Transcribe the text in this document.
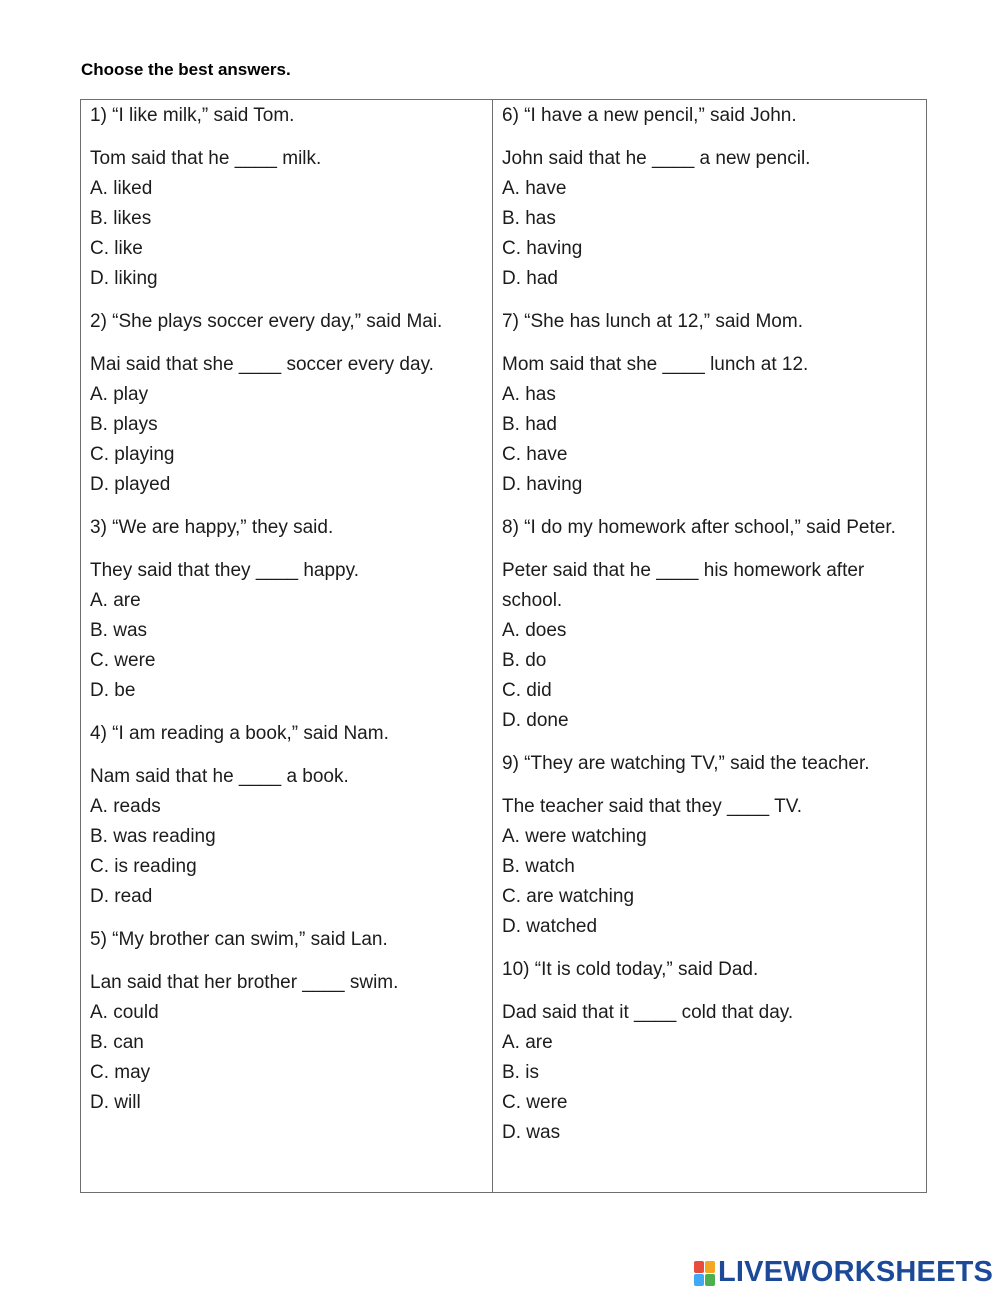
Choose the best answers.

1) “I like milk,” said Tom.

Tom said that he ____ milk.

A. liked

B. likes

C. like

D. liking

2) “She plays soccer every day,” said Mai.

Mai said that she ____ soccer every day.

A. play

B. plays

C. playing

D. played

3) “We are happy,” they said.

They said that they ____ happy.

A. are

B. was

C. were

D. be

4) “I am reading a book,” said Nam.

Nam said that he ____ a book.

A. reads

B. was reading

C. is reading

D. read

5) “My brother can swim,” said Lan.

Lan said that her brother ____ swim.

A. could

B. can

C. may

D. will

6) “I have a new pencil,” said John.

John said that he ____ a new pencil.

A. have

B. has

C. having

D. had

7) “She has lunch at 12,” said Mom.

Mom said that she ____ lunch at 12.

A. has

B. had

C. have

D. having

8) “I do my homework after school,” said Peter.

Peter said that he ____ his homework after school.

A. does

B. do

C. did

D. done

9) “They are watching TV,” said the teacher.

The teacher said that they ____ TV.

A. were watching

B. watch

C. are watching

D. watched

10) “It is cold today,” said Dad.

Dad said that it ____ cold that day.

A. are

B. is

C. were

D. was

LIVEWORKSHEETS
